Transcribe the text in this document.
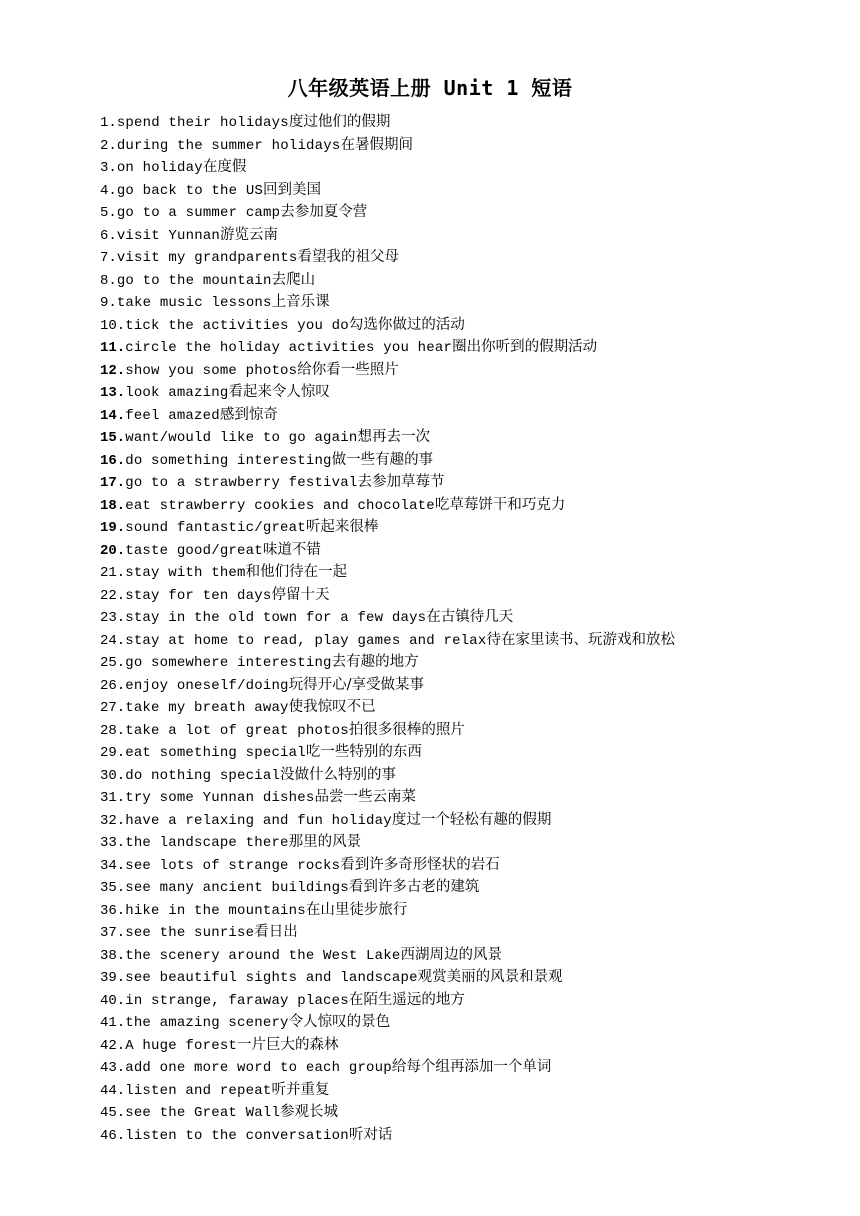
八年级英语上册 Unit 1 短语
1.spend their holidays度过他们的假期
2.during the summer holidays在暑假期间
3.on holiday在度假
4.go back to the US回到美国
5.go to a summer camp去参加夏令营
6.visit Yunnan游览云南
7.visit my grandparents看望我的祖父母
8.go to the mountain去爬山
9.take music lessons上音乐课
10.tick the activities you do勾选你做过的活动
11.circle the holiday activities you hear圈出你听到的假期活动
12.show you some photos给你看一些照片
13.look amazing看起来令人惊叹
14.feel amazed感到惊奇
15.want/would like to go again想再去一次
16.do something interesting做一些有趣的事
17.go to a strawberry festival去参加草莓节
18.eat strawberry cookies and chocolate吃草莓饼干和巧克力
19.sound fantastic/great听起来很棒
20.taste good/great味道不错
21.stay with them和他们待在一起
22.stay for ten days停留十天
23.stay in the old town for a few days在古镇待几天
24.stay at home to read, play games and relax待在家里读书、玩游戏和放松
25.go somewhere interesting去有趣的地方
26.enjoy oneself/doing玩得开心/享受做某事
27.take my breath away使我惊叹不已
28.take a lot of great photos拍很多很棒的照片
29.eat something special吃一些特别的东西
30.do nothing special没做什么特别的事
31.try some Yunnan dishes品尝一些云南菜
32.have a relaxing and fun holiday度过一个轻松有趣的假期
33.the landscape there那里的风景
34.see lots of strange rocks看到许多奇形怪状的岩石
35.see many ancient buildings看到许多古老的建筑
36.hike in the mountains在山里徒步旅行
37.see the sunrise看日出
38.the scenery around the West Lake西湖周边的风景
39.see beautiful sights and landscape观赏美丽的风景和景观
40.in strange, faraway places在陌生遥远的地方
41.the amazing scenery令人惊叹的景色
42.A huge forest一片巨大的森林
43.add one more word to each group给每个组再添加一个单词
44.listen and repeat听并重复
45.see the Great Wall参观长城
46.listen to the conversation听对话
